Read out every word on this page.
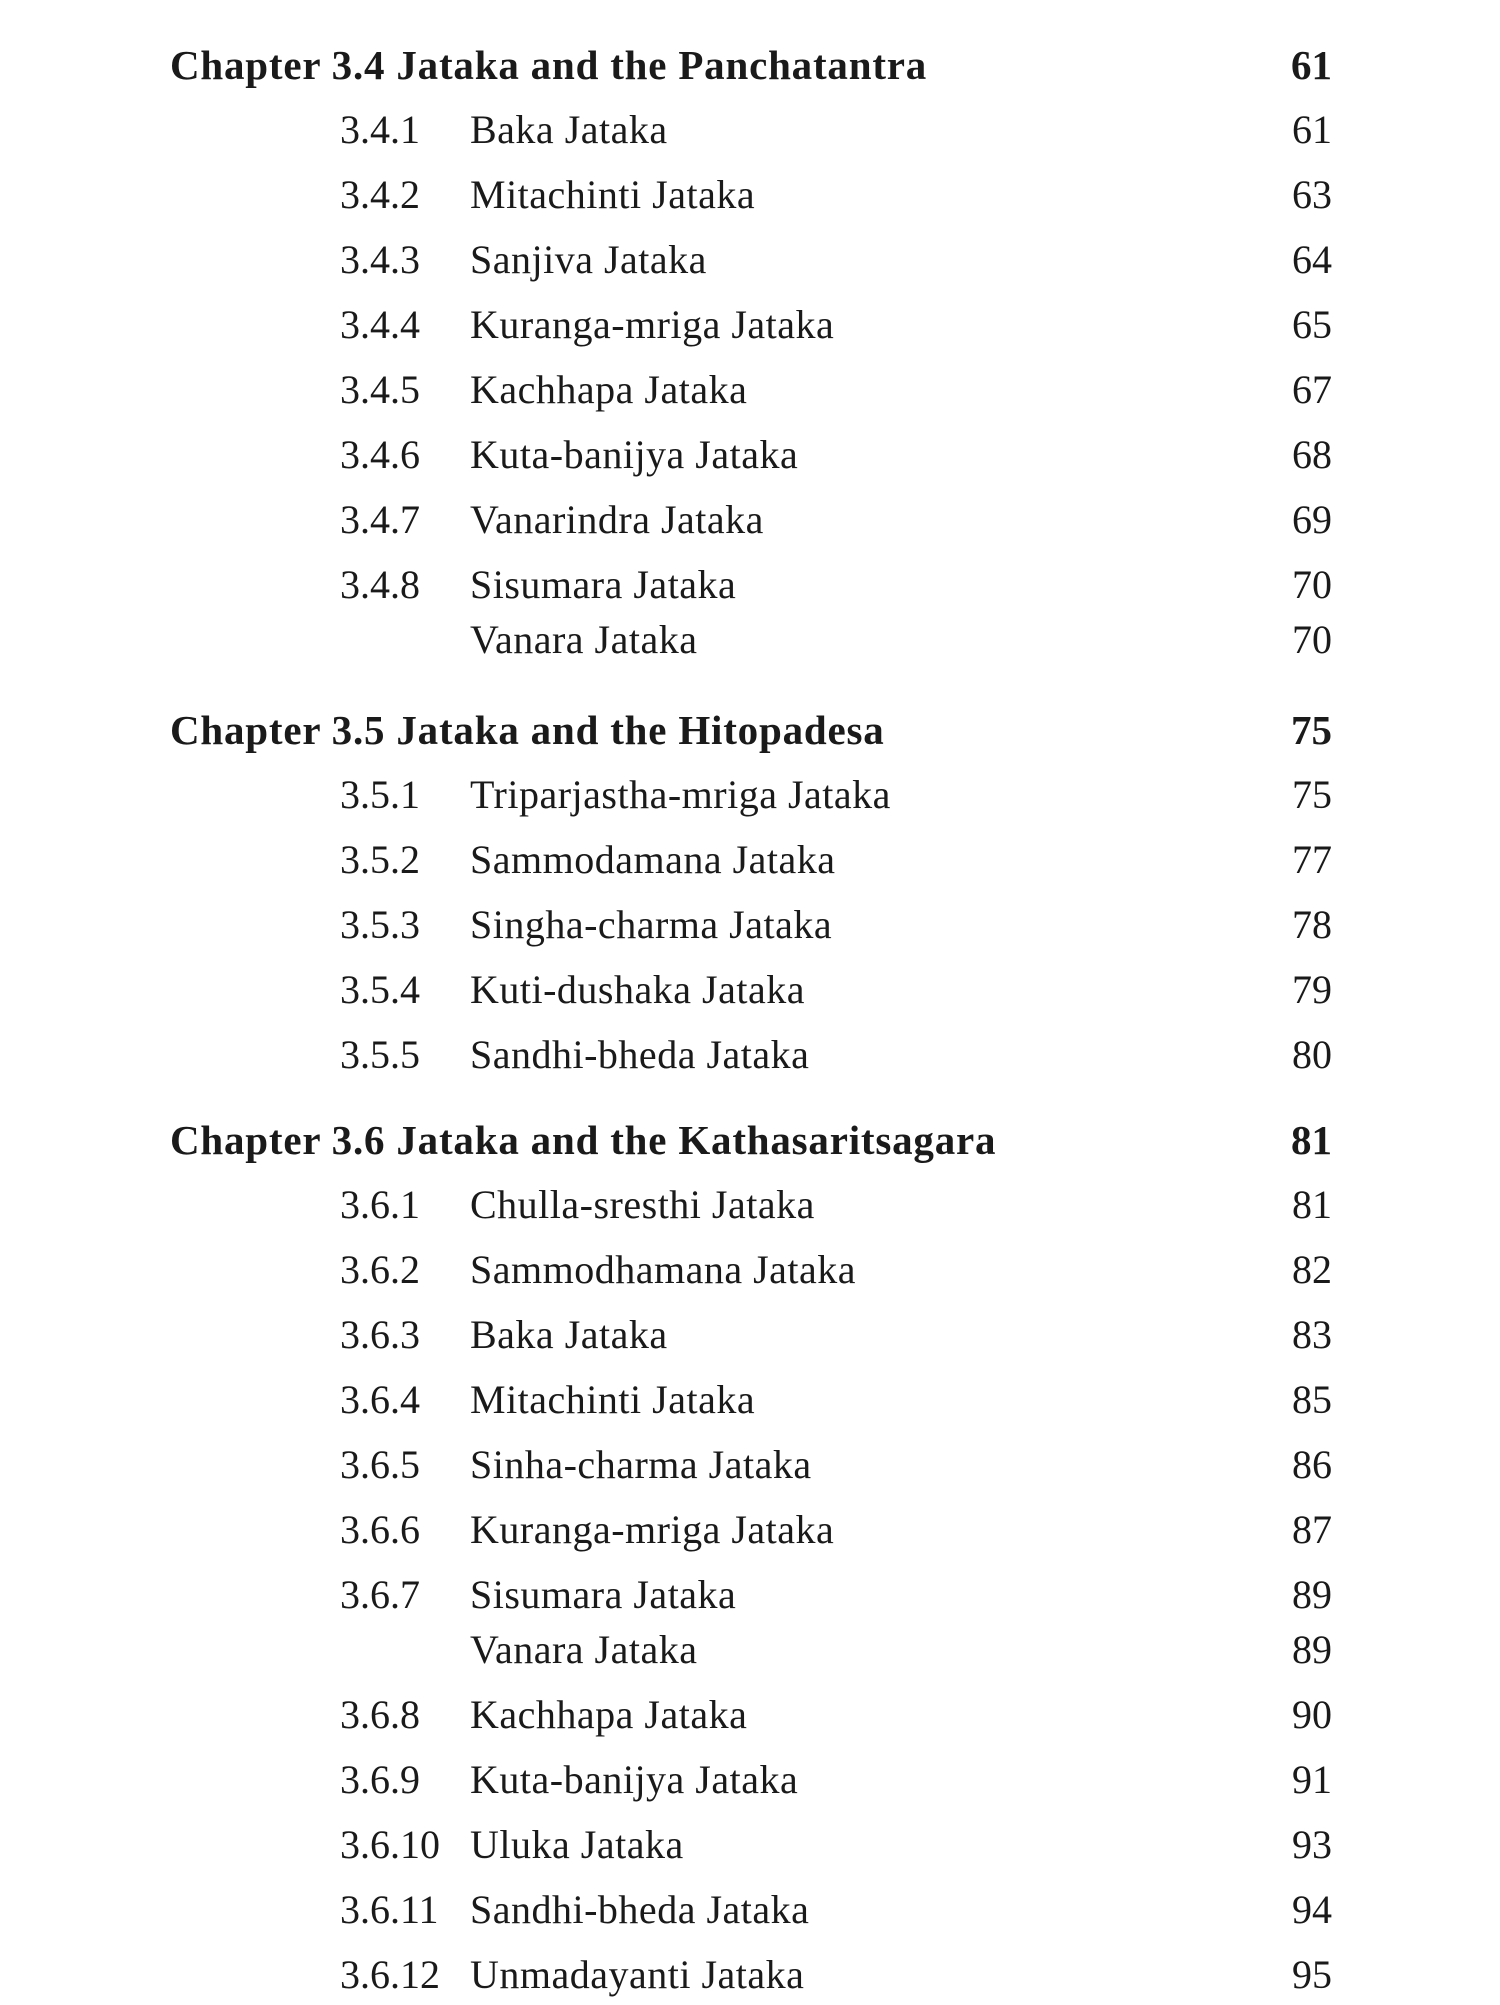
Chapter 3.4 Jataka and the Panchatantra	61
3.4.1 Baka Jataka	61
3.4.2 Mitachinti Jataka	63
3.4.3 Sanjiva Jataka	64
3.4.4 Kuranga-mriga Jataka	65
3.4.5 Kachhapa Jataka	67
3.4.6 Kuta-banijya Jataka	68
3.4.7 Vanarindra Jataka	69
3.4.8 Sisumara Jataka	70
Vanara Jataka	70
Chapter 3.5 Jataka and the Hitopadesa	75
3.5.1 Triparjastha-mriga Jataka	75
3.5.2 Sammodamana Jataka	77
3.5.3 Singha-charma Jataka	78
3.5.4 Kuti-dushaka Jataka	79
3.5.5 Sandhi-bheda Jataka	80
Chapter 3.6 Jataka and the Kathasaritsagara	81
3.6.1 Chulla-sresthi Jataka	81
3.6.2 Sammodhamana Jataka	82
3.6.3 Baka Jataka	83
3.6.4 Mitachinti Jataka	85
3.6.5 Sinha-charma Jataka	86
3.6.6 Kuranga-mriga Jataka	87
3.6.7 Sisumara Jataka	89
Vanara Jataka	89
3.6.8 Kachhapa Jataka	90
3.6.9 Kuta-banijya Jataka	91
3.6.10 Uluka Jataka	93
3.6.11 Sandhi-bheda Jataka	94
3.6.12 Unmadayanti Jataka	95
